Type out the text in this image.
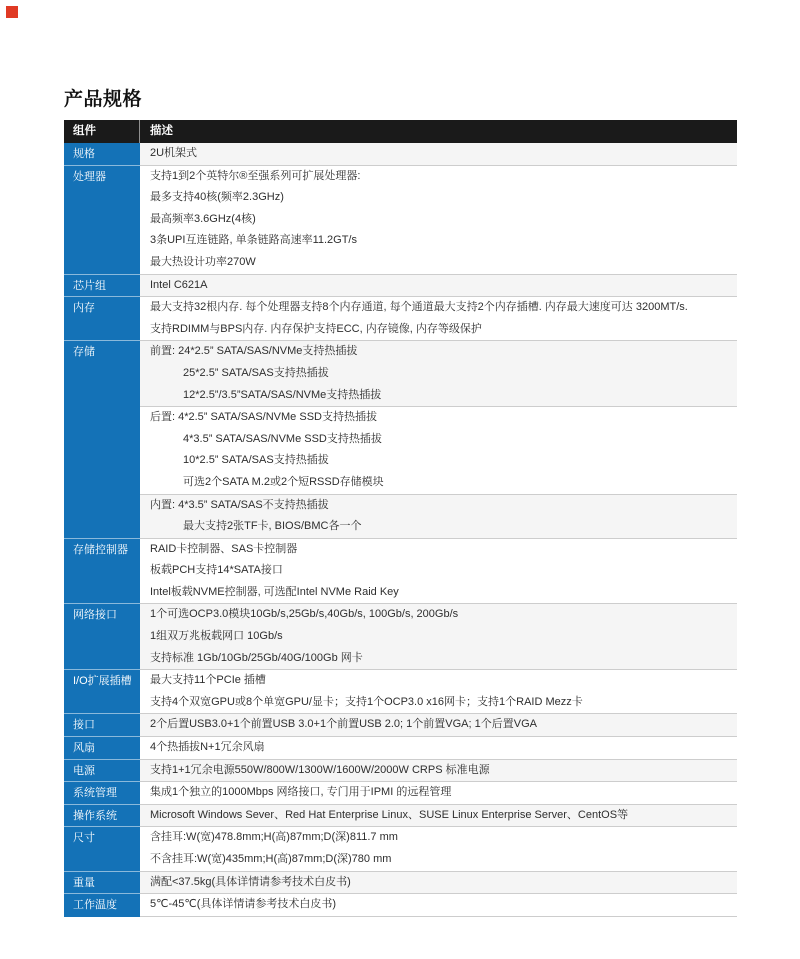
产品规格
组件	描述
规格	2U机架式
处理器	支持1到2个英特尔®至强系列可扩展处理器:
最多支持40核(频率2.3GHz)
最高频率3.6GHz(4核)
3条UPI互连链路, 单条链路高速率11.2GT/s
最大热设计功率270W
芯片组	Intel C621A
内存	最大支持32根内存. 每个处理器支持8个内存通道, 每个通道最大支持2个内存插槽. 内存最大速度可达 3200MT/s.
支持RDIMM与BPS内存. 内存保护支持ECC, 内存镜像, 内存等级保护
存储	前置: 24*2.5” SATA/SAS/NVMe支持热插拔
25*2.5” SATA/SAS支持热插拔
12*2.5”/3.5”SATA/SAS/NVMe支持热插拔
后置: 4*2.5” SATA/SAS/NVMe SSD支持热插拔
4*3.5” SATA/SAS/NVMe SSD支持热插拔
10*2.5” SATA/SAS支持热插拔
可选2个SATA M.2或2个短RSSD存储模块
内置: 4*3.5” SATA/SAS不支持热插拔
最大支持2张TF卡, BIOS/BMC各一个
存储控制器	RAID卡控制器、SAS卡控制器
板载PCH支持14*SATA接口
Intel板载NVME控制器, 可选配Intel NVMe Raid Key
网络接口	1个可选OCP3.0模块10Gb/s,25Gb/s,40Gb/s, 100Gb/s, 200Gb/s
1组双万兆板载网口 10Gb/s
支持标准 1Gb/10Gb/25Gb/40G/100Gb 网卡
I/O扩展插槽	最大支持11个PCIe 插槽
支持4个双宽GPU或8个单宽GPU/显卡；支持1个OCP3.0 x16网卡；支持1个RAID Mezz卡
接口	2个后置USB3.0+1个前置USB 3.0+1个前置USB 2.0; 1个前置VGA; 1个后置VGA
风扇	4个热插拔N+1冗余风扇
电源	支持1+1冗余电源550W/800W/1300W/1600W/2000W CRPS 标准电源
系统管理	集成1个独立的1000Mbps 网络接口, 专门用于IPMI 的远程管理
操作系统	Microsoft Windows Sever、Red Hat Enterprise Linux、SUSE Linux Enterprise Server、CentOS等
尺寸	含挂耳:W(宽)478.8mm;H(高)87mm;D(深)811.7 mm
不含挂耳:W(宽)435mm;H(高)87mm;D(深)780 mm
重量	满配<37.5kg(具体详情请参考技术白皮书)
工作温度	5℃-45℃(具体详情请参考技术白皮书)
